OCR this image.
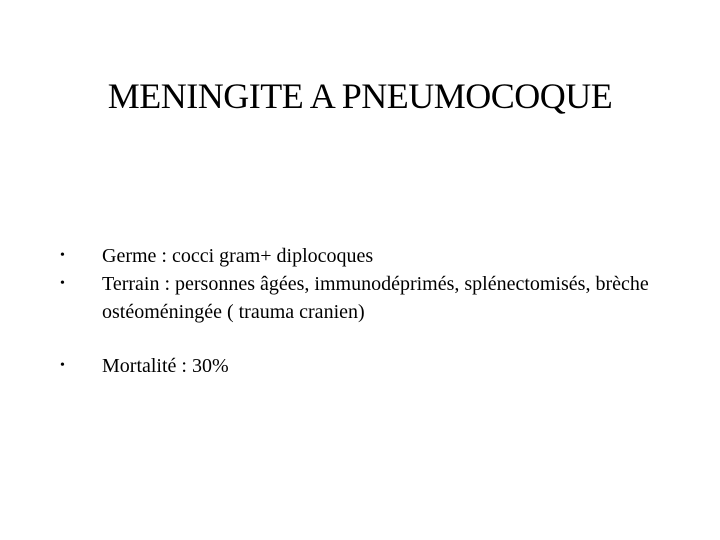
MENINGITE A PNEUMOCOQUE
•	Germe : cocci gram+ diplocoques
•	Terrain : personnes âgées, immunodéprimés, splénectomisés, brèche ostéoméningée ( trauma cranien)
•	Mortalité : 30%
